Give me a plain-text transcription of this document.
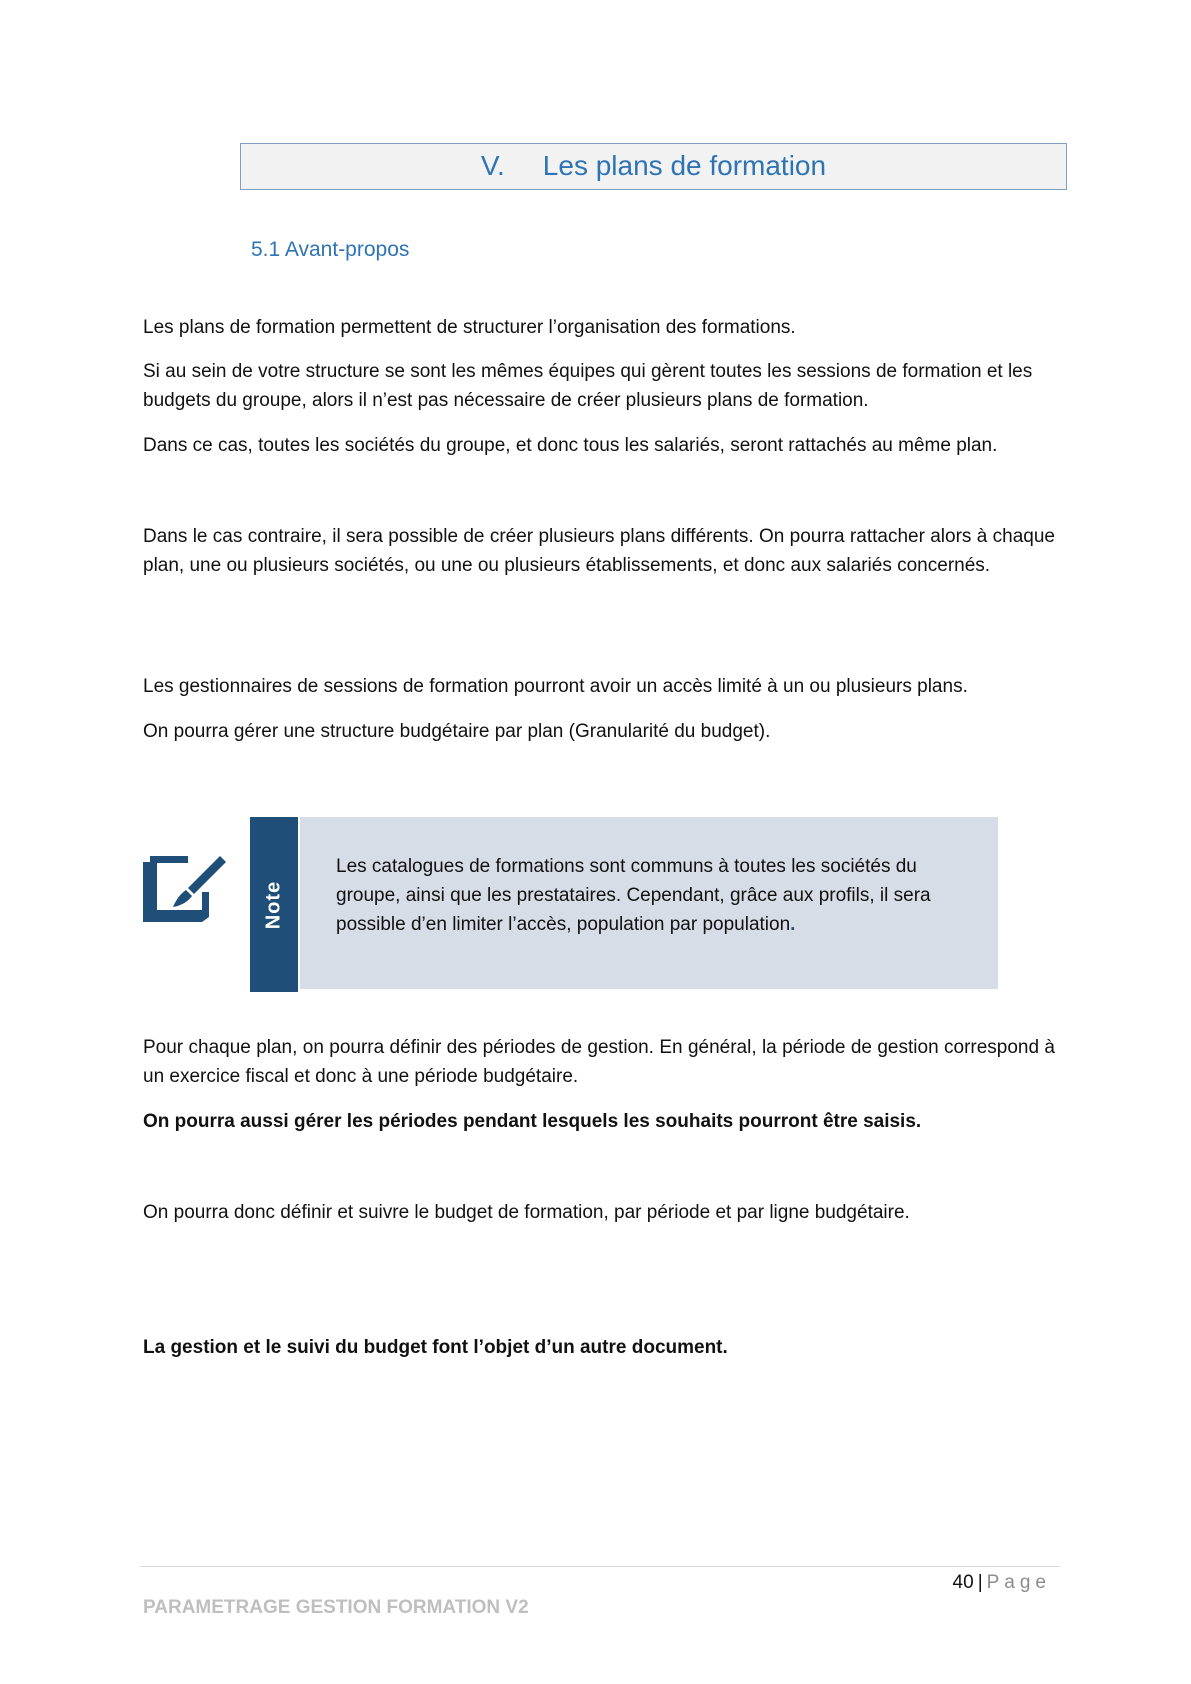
V. Les plans de formation
5.1 Avant-propos

Les plans de formation permettent de structurer l’organisation des formations.

Si au sein de votre structure se sont les mêmes équipes qui gèrent toutes les sessions de formation et les budgets du groupe, alors il n’est pas nécessaire de créer plusieurs plans de formation.

Dans ce cas, toutes les sociétés du groupe, et donc tous les salariés, seront rattachés au même plan.

Dans le cas contraire, il sera possible de créer plusieurs plans différents. On pourra rattacher alors à chaque plan, une ou plusieurs sociétés, ou une ou plusieurs établissements, et donc aux salariés concernés.

Les gestionnaires de sessions de formation pourront avoir un accès limité à un ou plusieurs plans.

On pourra gérer une structure budgétaire par plan (Granularité du budget).

Note

Les catalogues de formations sont communs à toutes les sociétés du groupe, ainsi que les prestataires. Cependant, grâce aux profils, il sera possible d’en limiter l’accès, population par population.

Pour chaque plan, on pourra définir des périodes de gestion. En général, la période de gestion correspond à un exercice fiscal et donc à une période budgétaire.

On pourra aussi gérer les périodes pendant lesquels les souhaits pourront être saisis.

On pourra donc définir et suivre le budget de formation, par période et par ligne budgétaire.

La gestion et le suivi du budget font l’objet d’un autre document.

40 | Page
PARAMETRAGE GESTION FORMATION V2
